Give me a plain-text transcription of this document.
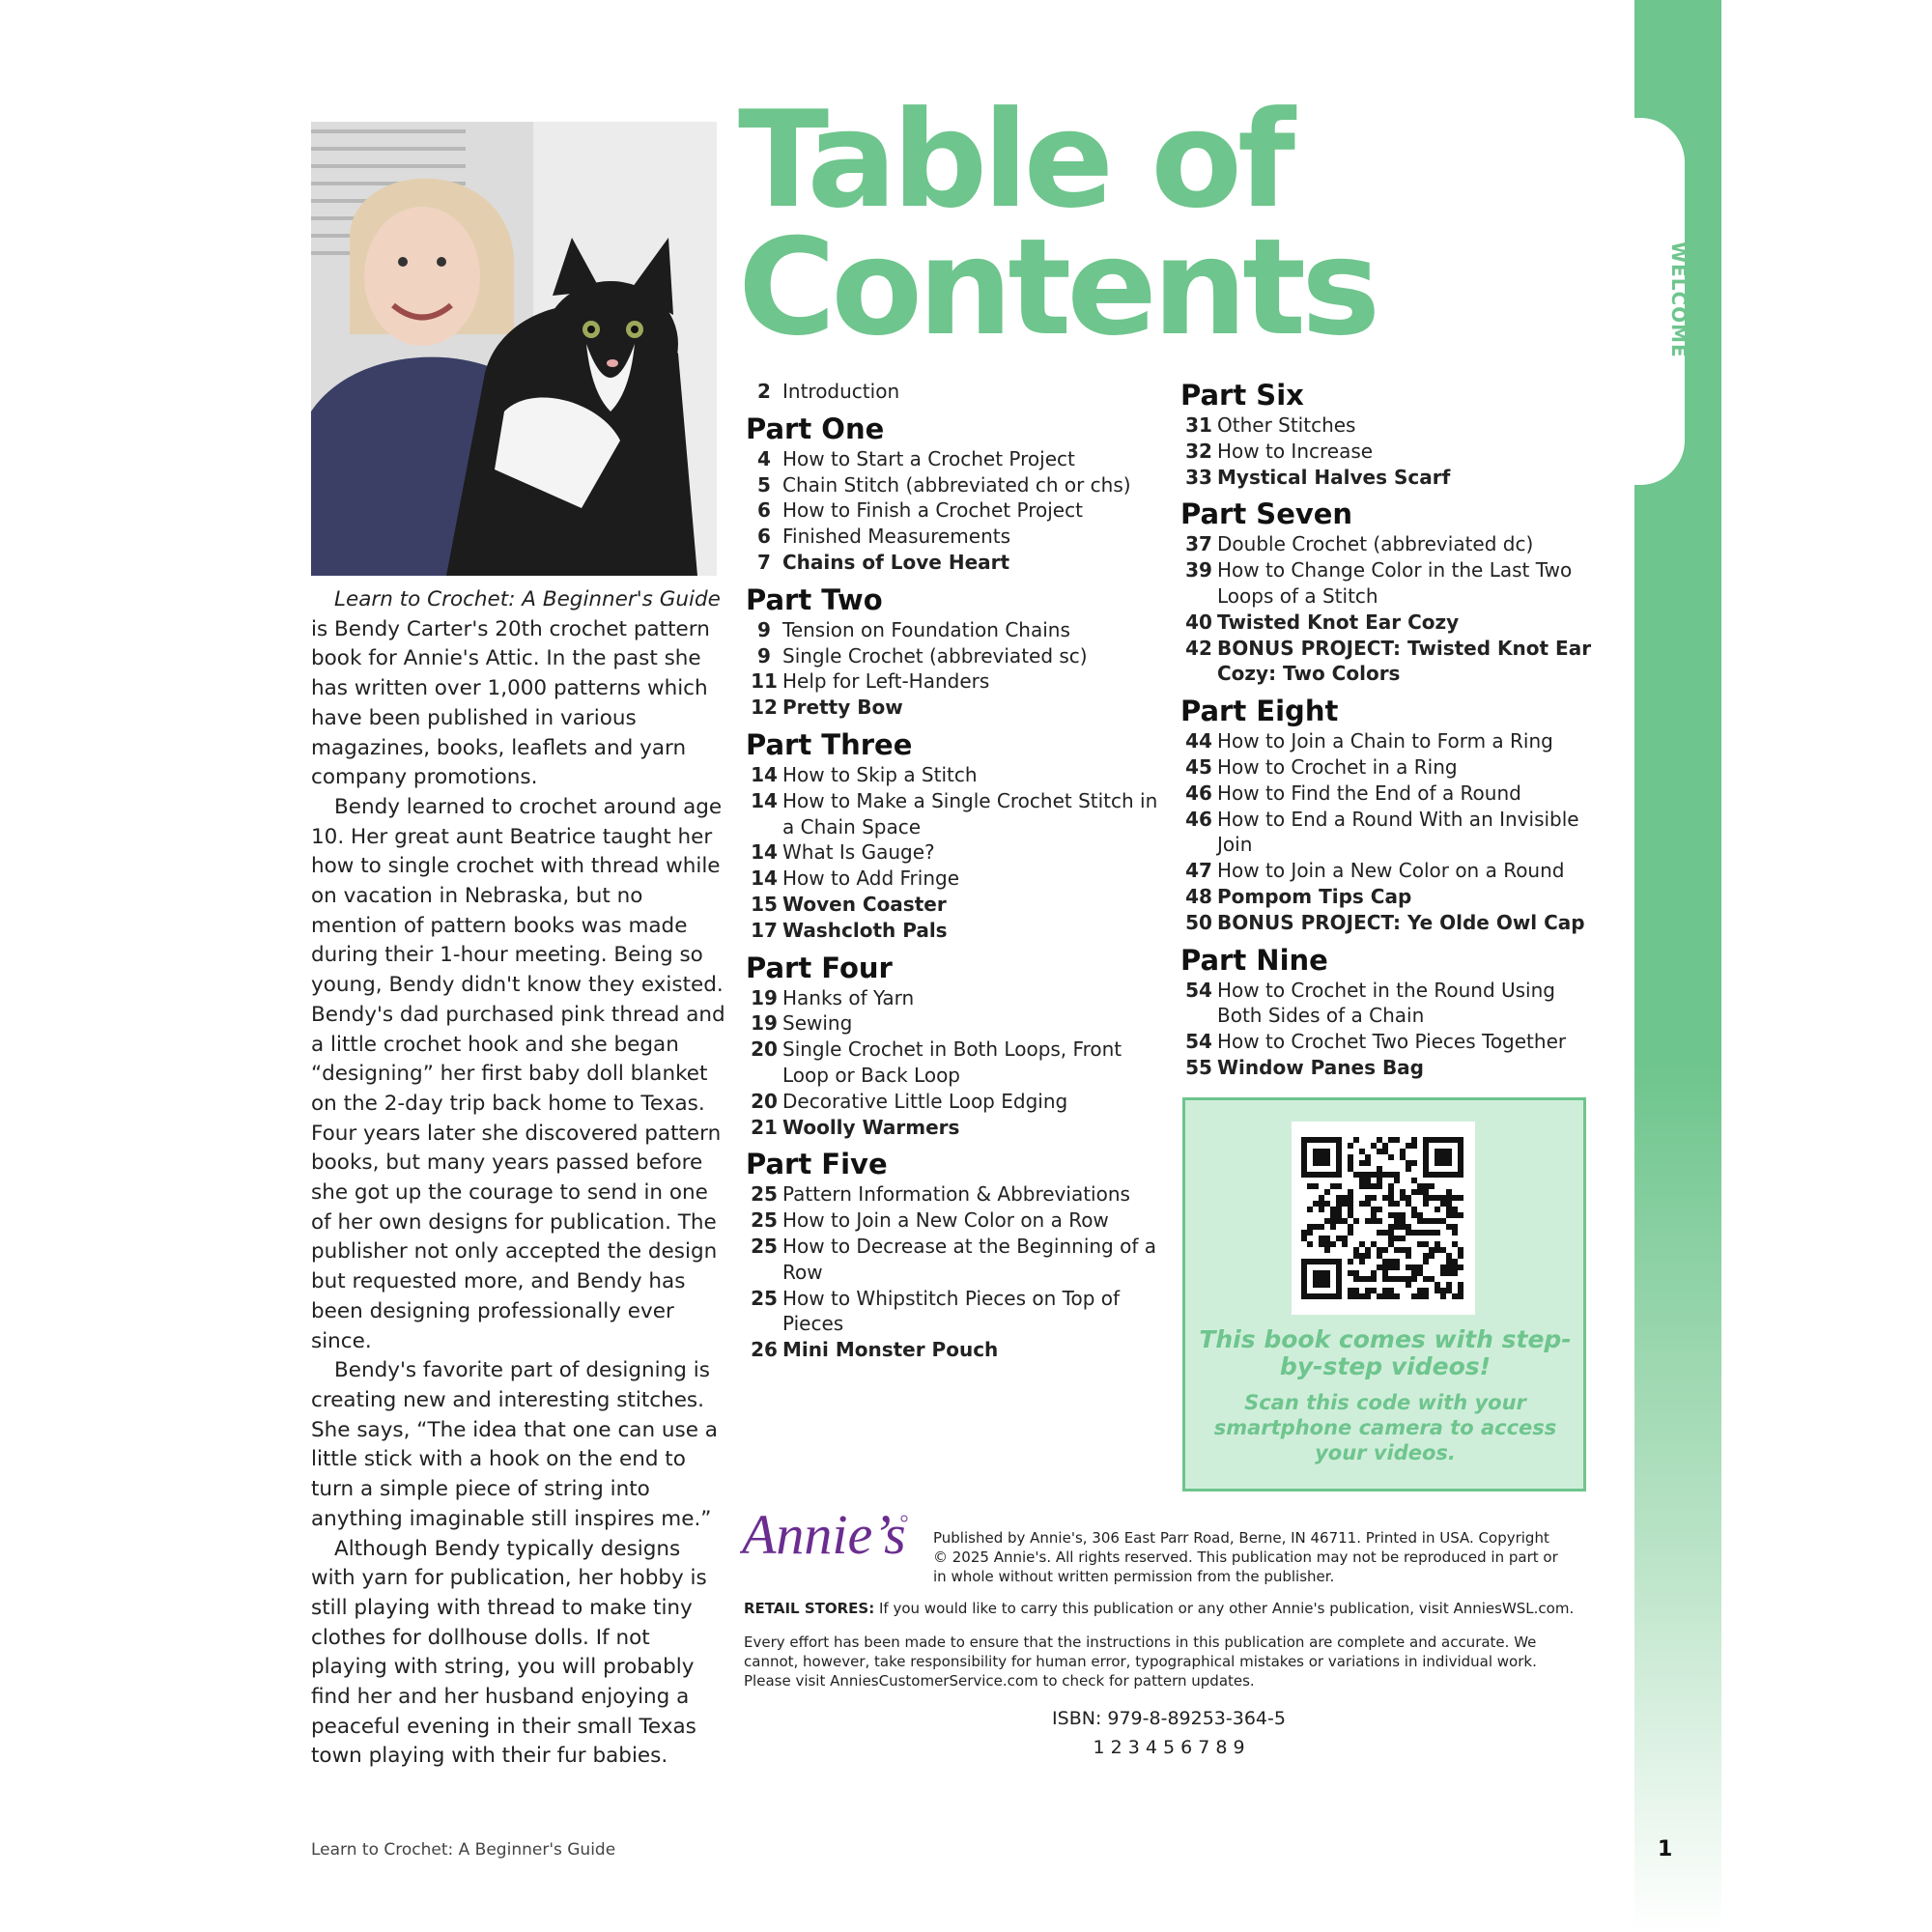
WELCOME
Table of
Contents

Learn to Crochet: A Beginner's Guide

is Bendy Carter's 20th crochet pattern book for Annie's Attic. In the past she has written over 1,000 patterns which have been published in various magazines, books, leaflets and yarn company promotions.

Bendy learned to crochet around age 10. Her great aunt Beatrice taught her how to single crochet with thread while on vacation in Nebraska, but no mention of pattern books was made during their 1-hour meeting. Being so young, Bendy didn't know they existed. Bendy's dad purchased pink thread and a little crochet hook and she began “designing” her first baby doll blanket on the 2-day trip back home to Texas. Four years later she discovered pattern books, but many years passed before she got up the courage to send in one of her own designs for publication. The publisher not only accepted the design but requested more, and Bendy has been designing professionally ever since.

Bendy's favorite part of designing is creating new and interesting stitches. She says, “The idea that one can use a little stick with a hook on the end to turn a simple piece of string into anything imaginable still inspires me.”

Although Bendy typically designs with yarn for publication, her hobby is still playing with thread to make tiny clothes for dollhouse dolls. If not playing with string, you will probably find her and her husband enjoying a peaceful evening in their small Texas town playing with their fur babies.

2 Introduction
Part One
4 How to Start a Crochet Project
5 Chain Stitch (abbreviated ch or chs)
6 How to Finish a Crochet Project
6 Finished Measurements
7 Chains of Love Heart
Part Two
9 Tension on Foundation Chains
9 Single Crochet (abbreviated sc)
11 Help for Left-Handers
12 Pretty Bow
Part Three
14 How to Skip a Stitch
14 How to Make a Single Crochet Stitch in a Chain Space
14 What Is Gauge?
14 How to Add Fringe
15 Woven Coaster
17 Washcloth Pals
Part Four
19 Hanks of Yarn
19 Sewing
20 Single Crochet in Both Loops, Front Loop or Back Loop
20 Decorative Little Loop Edging
21 Woolly Warmers
Part Five
25 Pattern Information & Abbreviations
25 How to Join a New Color on a Row
25 How to Decrease at the Beginning of a Row
25 How to Whipstitch Pieces on Top of Pieces
26 Mini Monster Pouch
Part Six
31 Other Stitches
32 How to Increase
33 Mystical Halves Scarf
Part Seven
37 Double Crochet (abbreviated dc)
39 How to Change Color in the Last Two Loops of a Stitch
40 Twisted Knot Ear Cozy
42 BONUS PROJECT: Twisted Knot Ear Cozy: Two Colors
Part Eight
44 How to Join a Chain to Form a Ring
45 How to Crochet in a Ring
46 How to Find the End of a Round
46 How to End a Round With an Invisible Join
47 How to Join a New Color on a Round
48 Pompom Tips Cap
50 BONUS PROJECT: Ye Olde Owl Cap
Part Nine
54 How to Crochet in the Round Using Both Sides of a Chain
54 How to Crochet Two Pieces Together
55 Window Panes Bag
This book comes with step-by-step videos!
Scan this code with your smartphone camera to access your videos.
Annie’s Published by Annie's, 306 East Parr Road, Berne, IN 46711. Printed in USA. Copyright © 2025 Annie's. All rights reserved. This publication may not be reproduced in part or in whole without written permission from the publisher.
RETAIL STORES: If you would like to carry this publication or any other Annie's publication, visit AnniesWSL.com.
Every effort has been made to ensure that the instructions in this publication are complete and accurate. We cannot, however, take responsibility for human error, typographical mistakes or variations in individual work. Please visit AnniesCustomerService.com to check for pattern updates.
ISBN: 979-8-89253-364-5
1 2 3 4 5 6 7 8 9
Learn to Crochet: A Beginner's Guide	1
